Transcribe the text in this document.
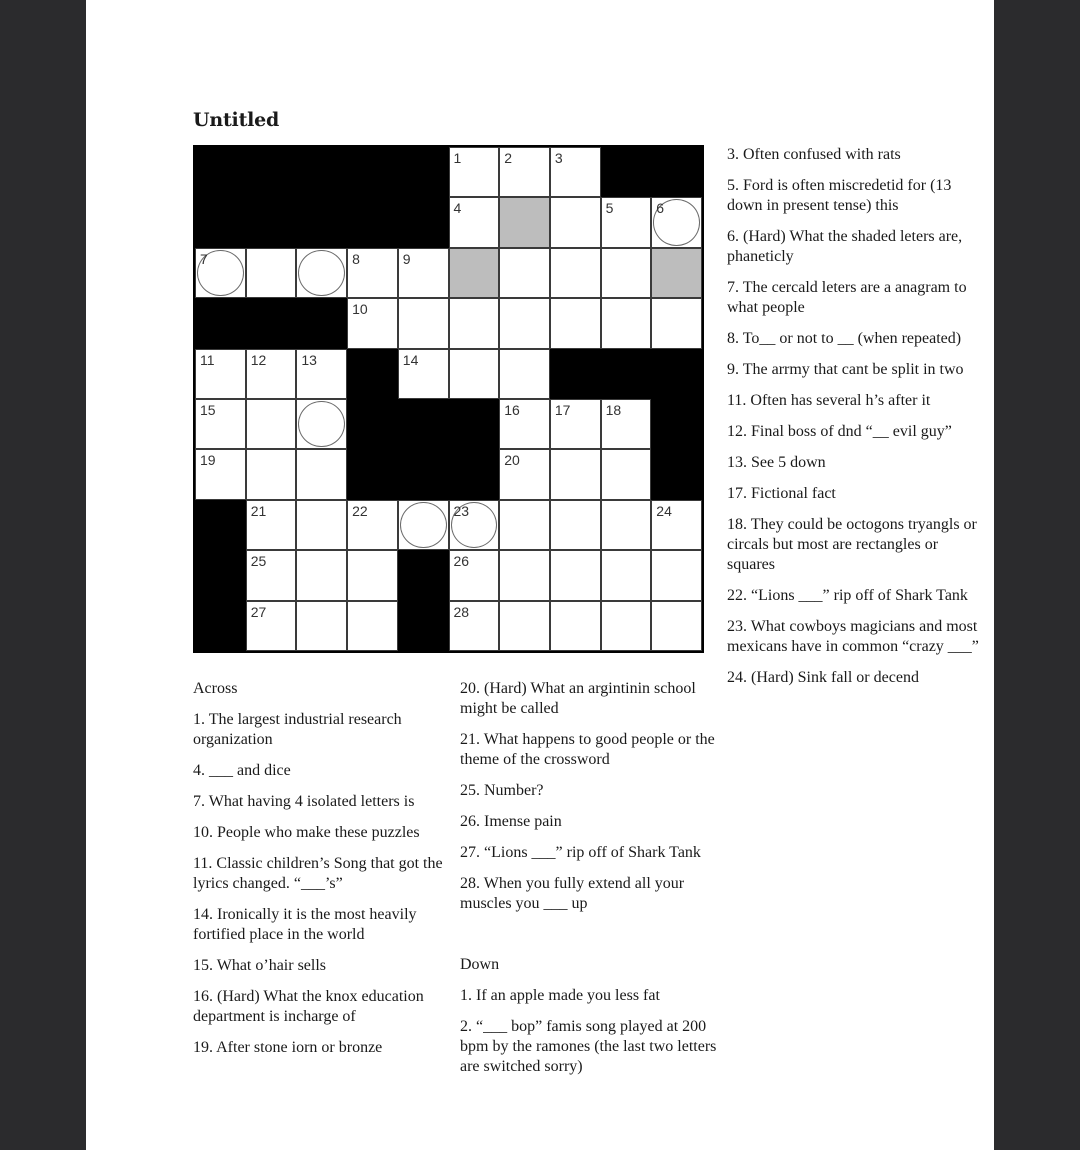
Untitled
1	2	3
4	5	6
7	8	9
10
11	12	13	14
15	16	17	18
19	20
21	22	23	24
25	26
27	28
Across
1. The largest industrial research organization
4. ___ and dice
7. What having 4 isolated letters is
10. People who make these puzzles
11. Classic children’s Song that got the lyrics changed. “___’s”
14. Ironically it is the most heavily fortified place in the world
15. What o’hair sells
16. (Hard) What the knox education department is incharge of
19. After stone iorn or bronze
20. (Hard) What an argintinin school might be called
21. What happens to good people or the theme of the crossword
25. Number?
26. Imense pain
27. “Lions ___” rip off of Shark Tank
28. When you fully extend all your muscles you ___ up
Down
1. If an apple made you less fat
2. “___ bop” famis song played at 200 bpm by the ramones (the last two letters are switched sorry)
3. Often confused with rats
5. Ford is often miscredetid for (13 down in present tense) this
6. (Hard) What the shaded leters are, phaneticly
7. The cercald leters are a anagram to what people
8. To__ or not to __ (when repeated)
9. The arrmy that cant be split in two
11. Often has several h’s after it
12. Final boss of dnd “__ evil guy”
13. See 5 down
17. Fictional fact
18. They could be octogons tryangls or circals but most are rectangles or squares
22. “Lions ___” rip off of Shark Tank
23. What cowboys magicians and most mexicans have in common “crazy ___”
24. (Hard) Sink fall or decend
